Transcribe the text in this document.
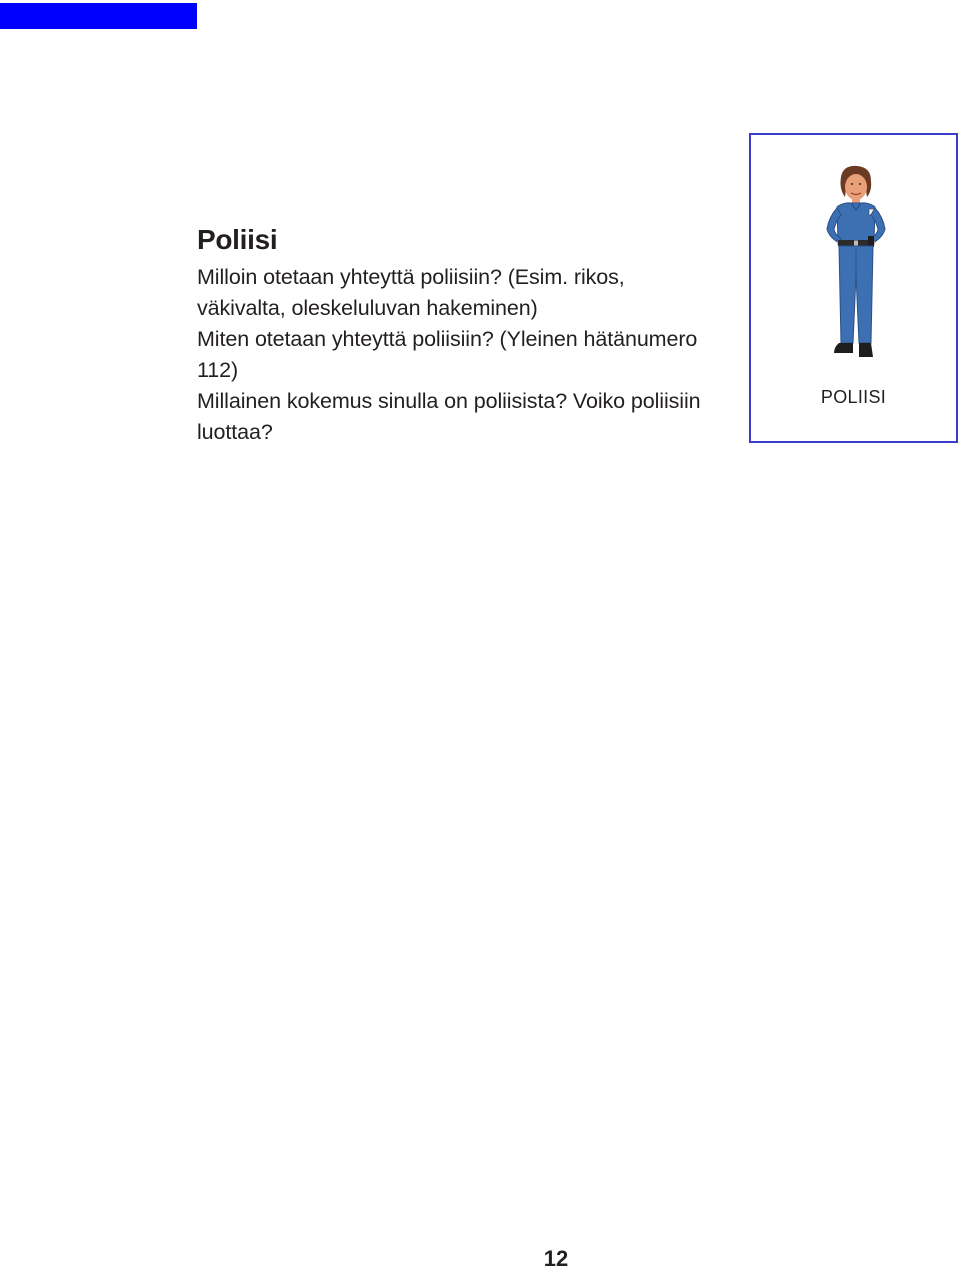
Poliisi

Milloin otetaan yhteyttä poliisiin? (Esim. rikos, väkivalta, oleskeluluvan hakeminen)

Miten otetaan yhteyttä poliisiin? (Yleinen hätänumero 112)

Millainen kokemus sinulla on poliisista? Voiko poliisiin luottaa?

POLIISI
12
